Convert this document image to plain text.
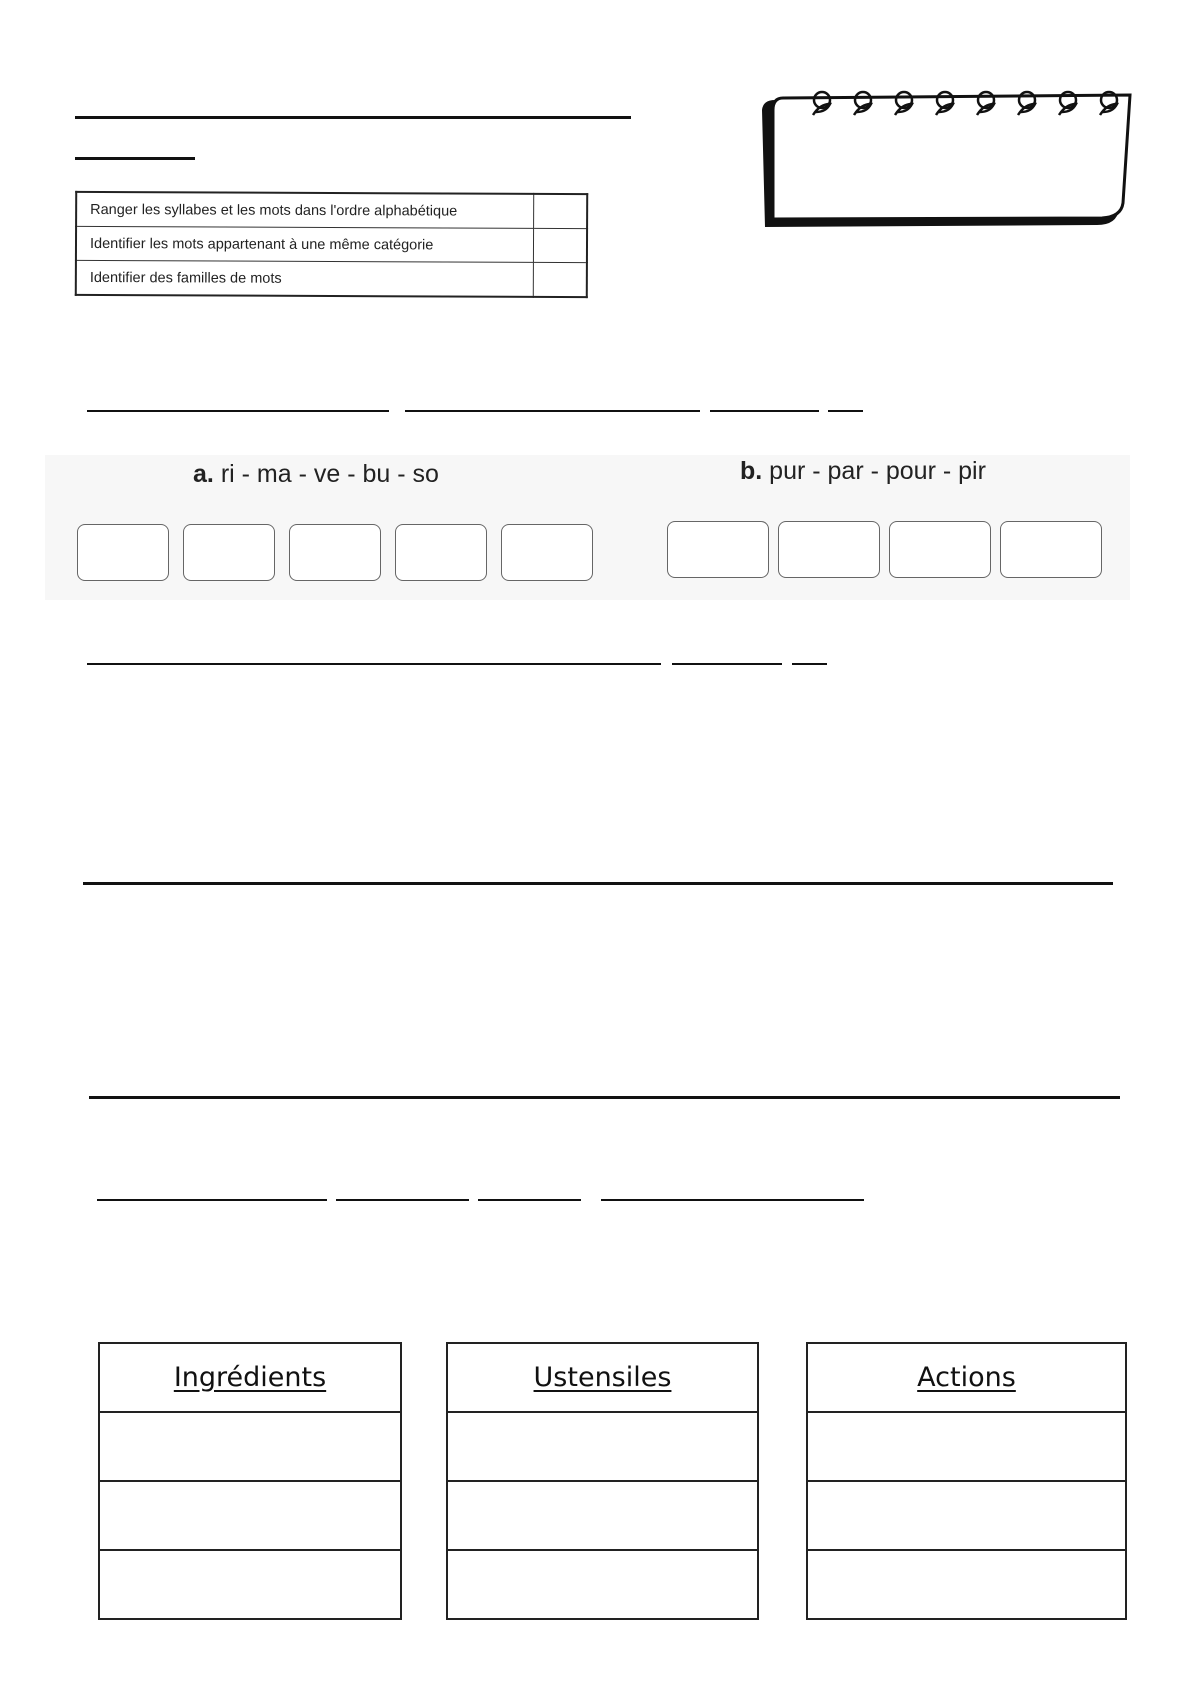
Ranger les syllabes et les mots dans l'ordre alphabétique	
Identifier les mots appartenant à une même catégorie	
Identifier des familles de mots	
a. ri - ma - ve - bu - so	b. pur - par - pour - pir
Ingrédients	Ustensiles	Actions
